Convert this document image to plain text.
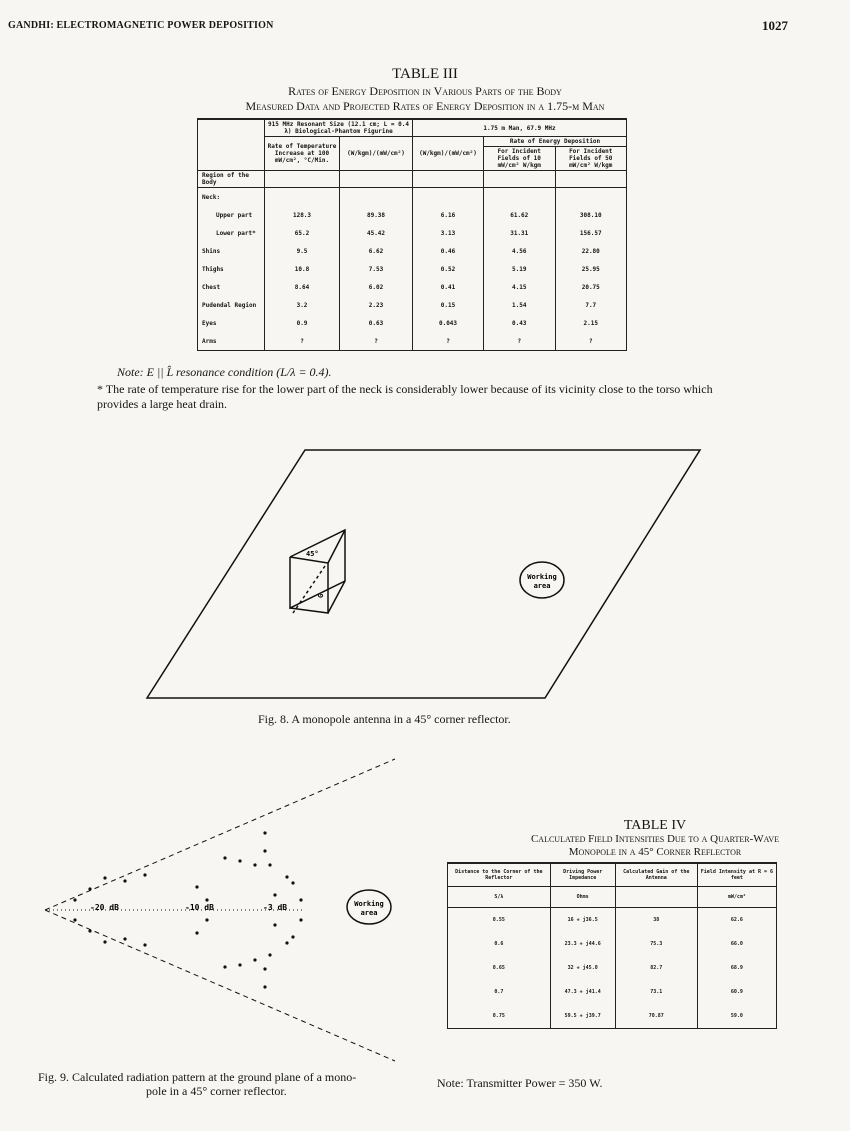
GANDHI: ELECTROMAGNETIC POWER DEPOSITION	1027
TABLE III
Rates of Energy Deposition in Various Parts of the Body
Measured Data and Projected Rates of Energy Deposition in a 1.75-m Man
	915 MHz Resonant Size (12.1 cm; L = 0.4 λ) Biological-Phantom Figurine		1.75 m Man, 67.9 MHz		
	Rate of Temperature Increase at 100 mW/cm², °C/Min.	(W/kgm)/(mW/cm²)	(W/kgm)/(mW/cm²)	Rate of Energy Deposition	
				For Incident Fields of 10 mW/cm² W/kgm	For Incident Fields of 50 mW/cm² W/kgm
Region of the Body					
Neck:					
Upper part	128.3	89.38	6.16	61.62	308.10
Lower part*	65.2	45.42	3.13	31.31	156.57
Shins	9.5	6.62	0.46	4.56	22.80
Thighs	10.8	7.53	0.52	5.19	25.95
Chest	8.64	6.02	0.41	4.15	20.75
Pudendal Region	3.2	2.23	0.15	1.54	7.7
Eyes	0.9	0.63	0.043	0.43	2.15
Arms	?	?	?	?	?
Note: E || L̂ resonance condition (L/λ = 0.4).
* The rate of temperature rise for the lower part of the neck is considerably lower because of its vicinity close to the torso which provides a large heat drain.
45°
G
Working
area
Fig. 8. A monopole antenna in a 45° corner reflector.
-20 dB	-10 dB	-3 dB	Working
area
Fig. 9. Calculated radiation pattern at the ground plane of a mono-
pole in a 45° corner reflector.
TABLE IV
Calculated Field Intensities Due to a Quarter-Wave
Monopole in a 45° Corner Reflector
Distance to the Corner of the Reflector	Driving Power Impedance	Calculated Gain of the Antenna	Field Intensity at R = 6 feet
S/λ	Ohms		mW/cm²
0.55	16 + j36.5	38	62.6
0.6	23.3 + j44.6	75.3	66.0
0.65	32 + j45.0	82.7	68.9
0.7	47.3 + j41.4	73.1	60.9
0.75	59.5 + j39.7	70.87	59.0
Note: Transmitter Power = 350 W.
